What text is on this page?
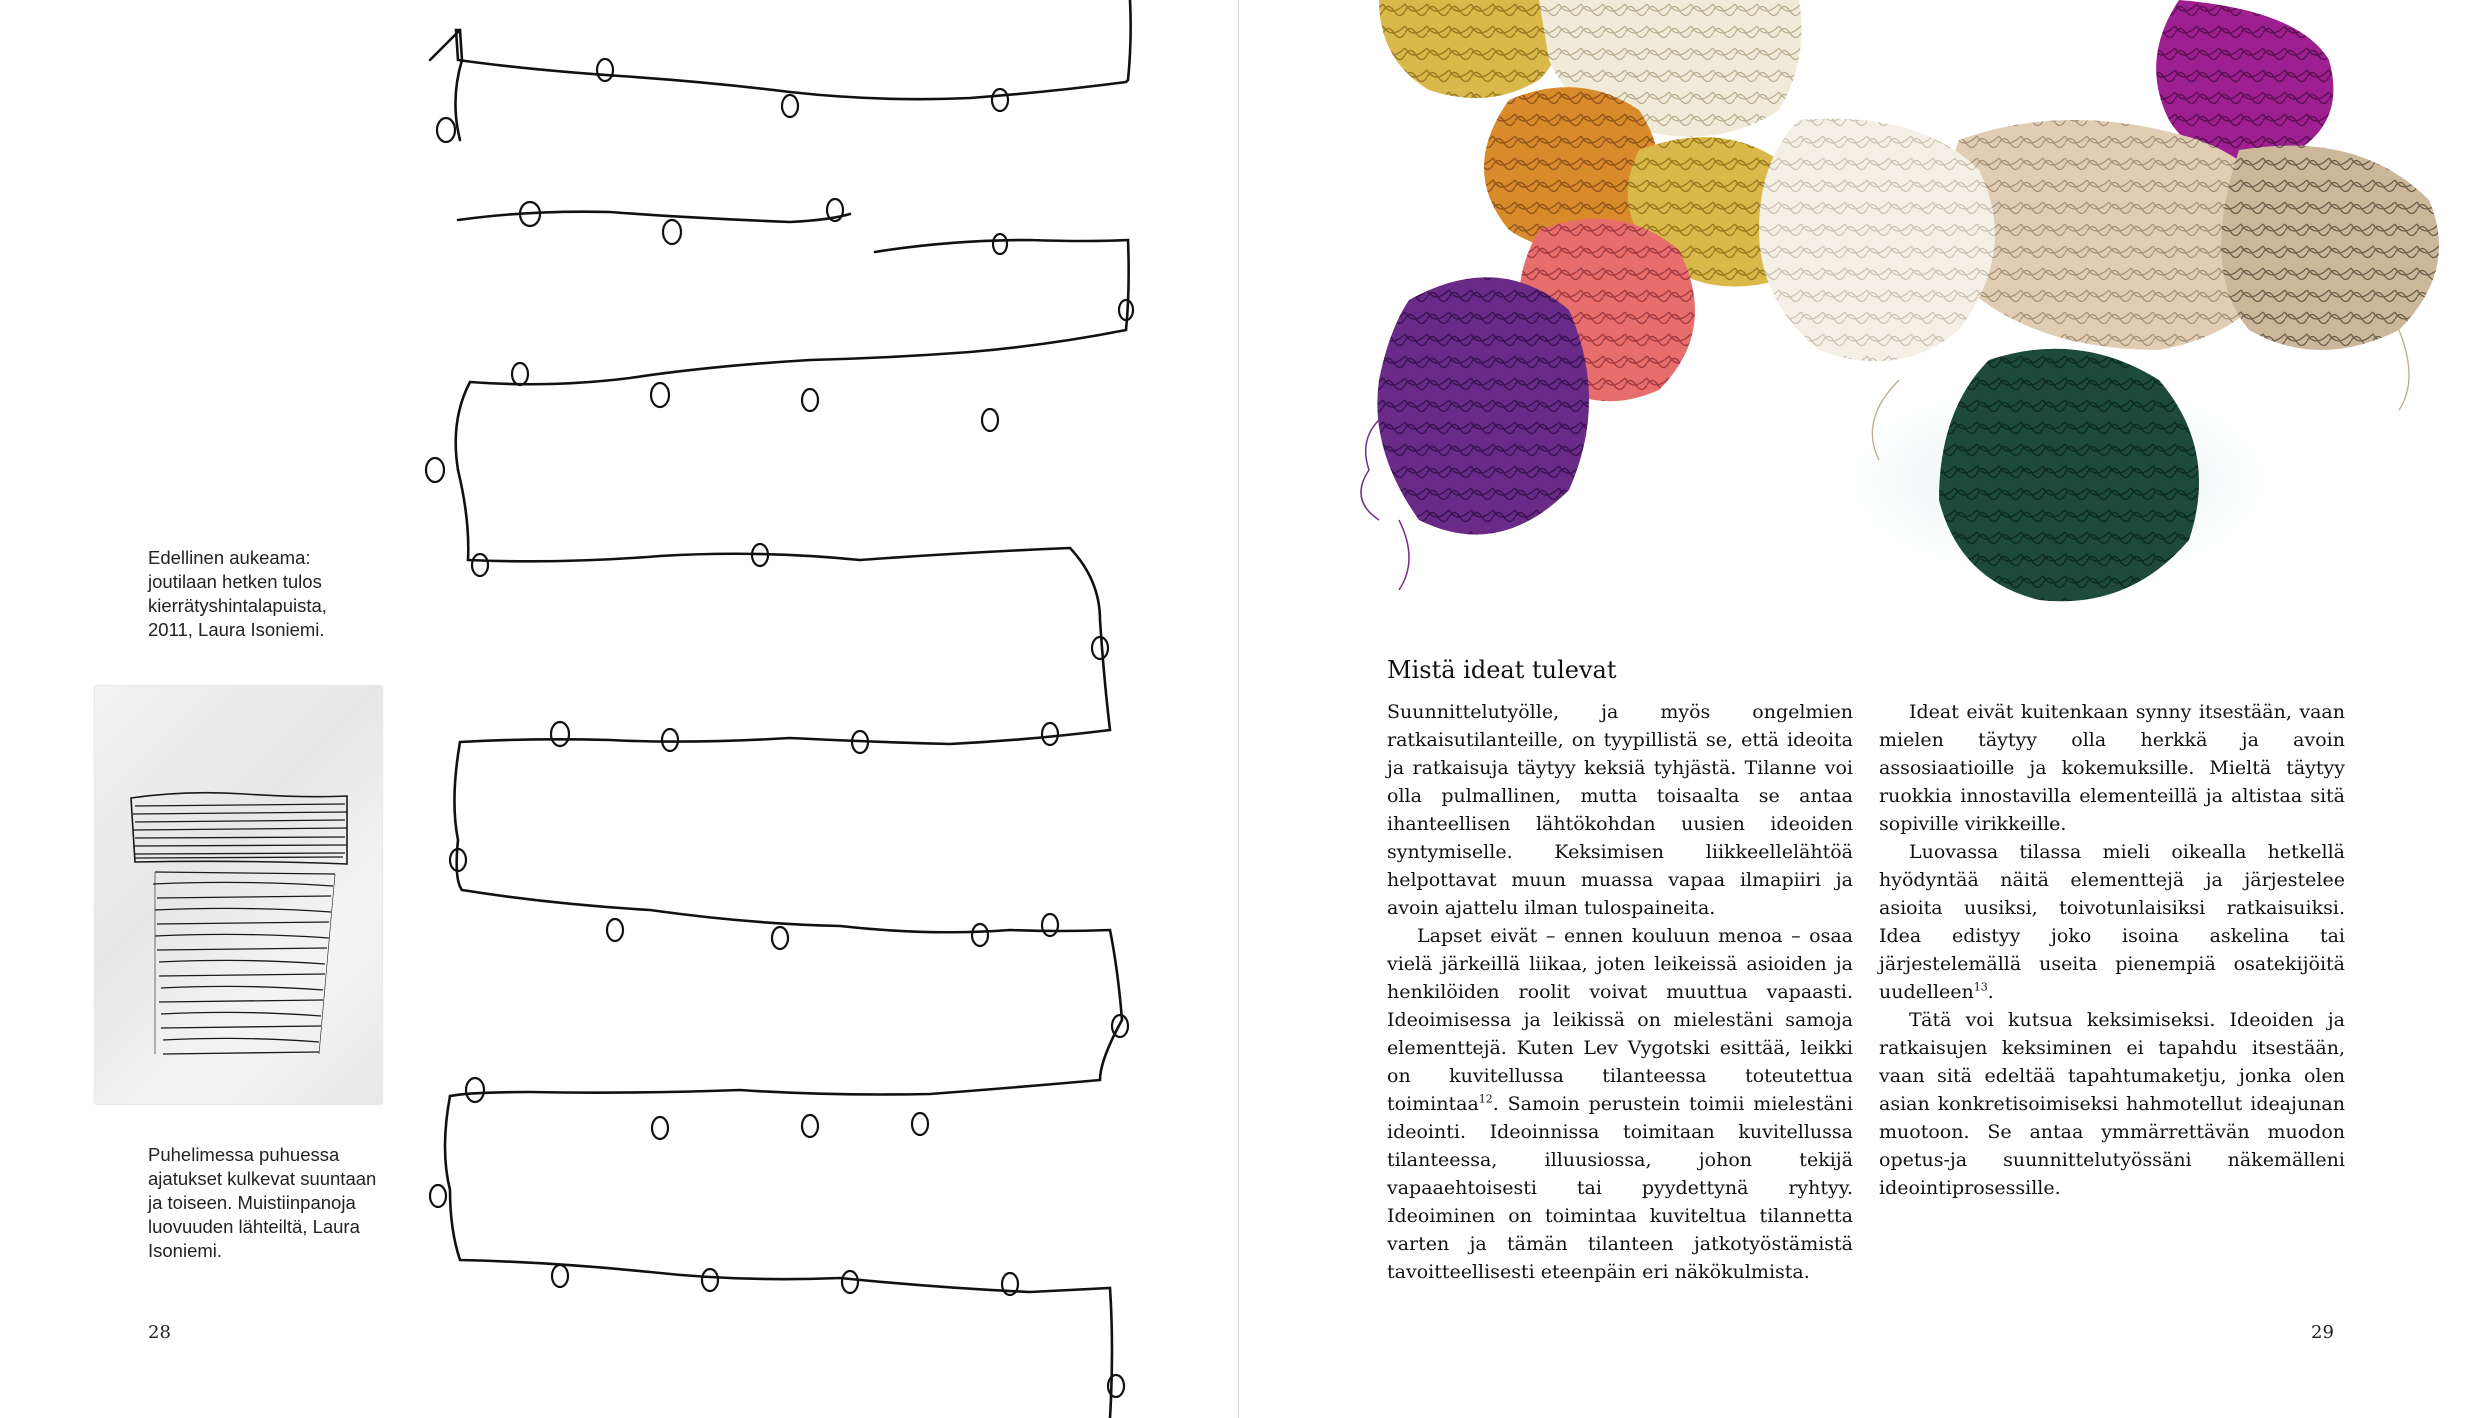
Edellinen aukeama:

joutilaan hetken tulos

kierrätyshintalapuista,

2011, Laura Isoniemi.

Puhelimessa puhuessa

ajatukset kulkevat suuntaan

ja toiseen. Muistiinpanoja

luovuuden lähteiltä, Laura

Isoniemi.

28
Mistä ideat tulevat

Suunnittelutyölle, ja myös ongelmien ratkaisutilanteille, on tyypillistä se, että ideoita ja ratkaisuja täytyy keksiä tyhjästä. Tilanne voi olla pulmallinen, mutta toisaalta se antaa ihanteellisen lähtökohdan uusien ideoiden syntymiselle. Keksimisen liikkeellelähtöä helpottavat muun muassa vapaa ilmapiiri ja avoin ajattelu ilman tulospaineita.

Lapset eivät – ennen kouluun menoa – osaa vielä järkeillä liikaa, joten leikeissä asioiden ja henkilöiden roolit voivat muuttua vapaasti. Ideoimisessa ja leikissä on mielestäni samoja elementtejä. Kuten Lev Vygotski esittää, leikki on kuvitellussa tilanteessa toteutettua toimintaa$^{12}$. Samoin perustein toimii mielestäni ideointi. Ideoinnissa toimitaan kuvitellussa tilanteessa, illuusiossa, johon tekijä vapaaehtoisesti tai pyydettynä ryhtyy. Ideoiminen on toimintaa kuviteltua tilannetta varten ja tämän tilanteen jatkotyöstämistä tavoitteellisesti eteenpäin eri näkökulmista.

Ideat eivät kuitenkaan synny itsestään, vaan mielen täytyy olla herkkä ja avoin assosiaatioille ja kokemuksille. Mieltä täytyy ruokkia innostavilla elementeillä ja altistaa sitä sopiville virikkeille.

Luovassa tilassa mieli oikealla hetkellä hyödyntää näitä elementtejä ja järjestelee asioita uusiksi, toivotunlaisiksi ratkaisuiksi. Idea edistyy joko isoina askelina tai järjestelemällä useita pienempiä osatekijöitä uudelleen$^{13}$.

Tätä voi kutsua keksimiseksi. Ideoiden ja ratkaisujen keksiminen ei tapahdu itsestään, vaan sitä edeltää tapahtumaketju, jonka olen asian konkretisoimiseksi hahmotellut ideajunan muotoon. Se antaa ymmärrettävän muodon opetus-ja suunnittelutyössäni näkemälleni ideointiprosessille.

29
